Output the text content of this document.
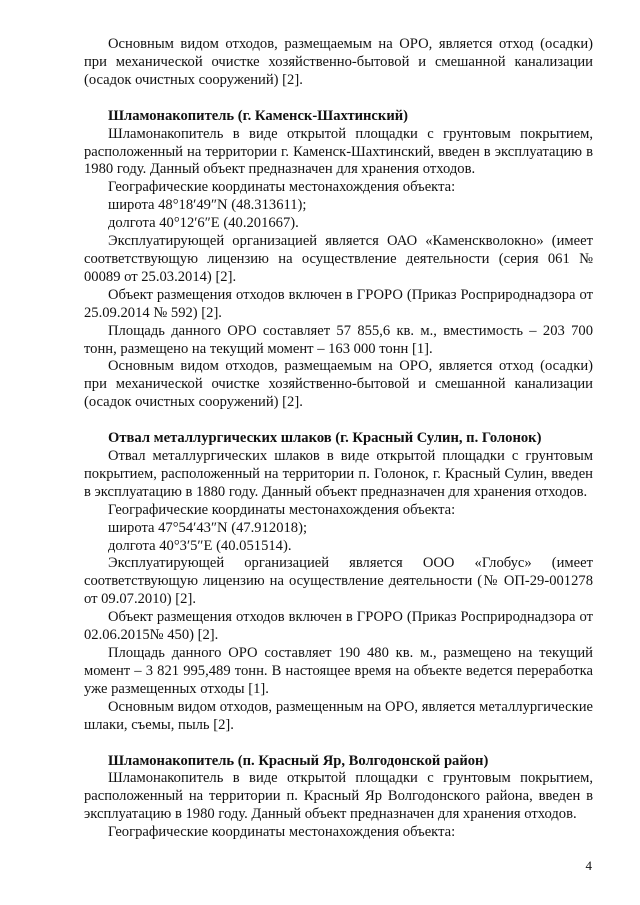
Основным видом отходов, размещаемым на ОРО, является отход (осадки) при механической очистке хозяйственно-бытовой и смешанной канализации (осадок очистных сооружений) [2].

Шламонакопитель (г. Каменск-Шахтинский)

Шламонакопитель в виде открытой площадки с грунтовым покрытием, расположенный на территории г. Каменск-Шахтинский, введен в эксплуатацию в 1980 году. Данный объект предназначен для хранения отходов.

Географические координаты местонахождения объекта:

широта 48°18′49″N (48.313611);

долгота 40°12′6″E (40.201667).

Эксплуатирующей организацией является ОАО «Каменскволокно» (имеет соответствующую лицензию на осуществление деятельности (серия 061 № 00089 от 25.03.2014) [2].

Объект размещения отходов включен в ГРОРО (Приказ Росприроднадзора от 25.09.2014 № 592) [2].

Площадь данного ОРО составляет 57 855,6 кв. м., вместимость – 203 700 тонн, размещено на текущий момент – 163 000 тонн [1].

Основным видом отходов, размещаемым на ОРО, является отход (осадки) при механической очистке хозяйственно-бытовой и смешанной канализации (осадок очистных сооружений) [2].

Отвал металлургических шлаков (г. Красный Сулин, п. Голонок)

Отвал металлургических шлаков в виде открытой площадки с грунтовым покрытием, расположенный на территории п. Голонок, г. Красный Сулин, введен в эксплуатацию в 1880 году. Данный объект предназначен для хранения отходов.

Географические координаты местонахождения объекта:

широта 47°54′43″N (47.912018);

долгота 40°3′5″E (40.051514).

Эксплуатирующей организацией является ООО «Глобус» (имеет соответствующую лицензию на осуществление деятельности (№ ОП-29-001278 от 09.07.2010) [2].

Объект размещения отходов включен в ГРОРО (Приказ Росприроднадзора от 02.06.2015№ 450) [2].

Площадь данного ОРО составляет 190 480 кв. м., размещено на текущий момент – 3 821 995,489 тонн. В настоящее время на объекте ведется переработка уже размещенных отходы [1].

Основным видом отходов, размещенным на ОРО, является металлургические шлаки, съемы, пыль [2].

Шламонакопитель (п. Красный Яр, Волгодонской район)

Шламонакопитель в виде открытой площадки с грунтовым покрытием, расположенный на территории п. Красный Яр Волгодонского района, введен в эксплуатацию в 1980 году. Данный объект предназначен для хранения отходов.

Географические координаты местонахождения объекта:

4
